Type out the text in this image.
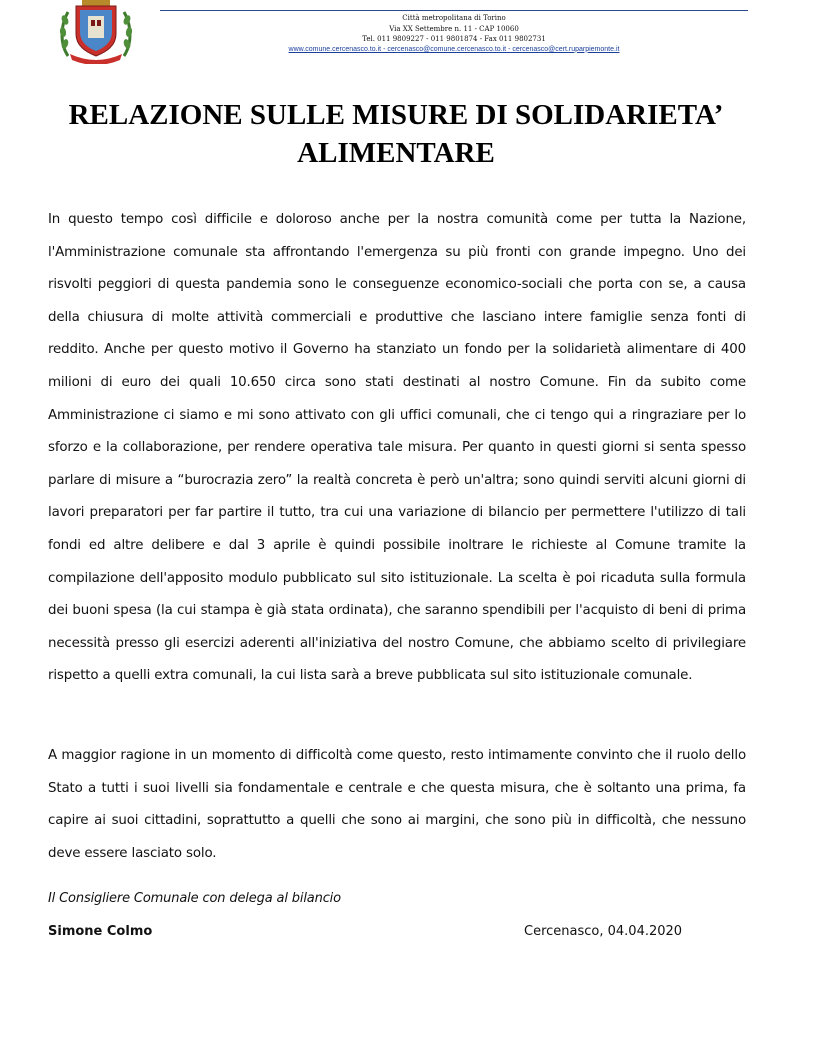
Città metropolitana di Torino
Via XX Settembre n. 11 - CAP 10060
Tel. 011 9809227 - 011 9801874 - Fax 011 9802731
www.comune.cercenasco.to.it - cercenasco@comune.cercenasco.to.it - cercenasco@cert.ruparpiemonte.it
RELAZIONE SULLE MISURE DI SOLIDARIETA’
ALIMENTARE
In questo tempo così difficile e doloroso anche per la nostra comunità come per tutta la Nazione, l'Amministrazione comunale sta affrontando l'emergenza su più fronti con grande impegno. Uno dei risvolti peggiori di questa pandemia sono le conseguenze economico-sociali che porta con se, a causa della chiusura di molte attività commerciali e produttive che lasciano intere famiglie senza fonti di reddito. Anche per questo motivo il Governo ha stanziato un fondo per la solidarietà alimentare di 400 milioni di euro dei quali 10.650 circa sono stati destinati al nostro Comune. Fin da subito come Amministrazione ci siamo e mi sono attivato con gli uffici comunali, che ci tengo qui a ringraziare per lo sforzo e la collaborazione, per rendere operativa tale misura. Per quanto in questi giorni si senta spesso parlare di misure a “burocrazia zero” la realtà concreta è però un'altra; sono quindi serviti alcuni giorni di lavori preparatori per far partire il tutto, tra cui una variazione di bilancio per permettere l'utilizzo di tali fondi ed altre delibere e dal 3 aprile è quindi possibile inoltrare le richieste al Comune tramite la compilazione dell'apposito modulo pubblicato sul sito istituzionale. La scelta è poi ricaduta sulla formula dei buoni spesa (la cui stampa è già stata ordinata), che saranno spendibili per l'acquisto di beni di prima necessità presso gli esercizi aderenti all'iniziativa del nostro Comune, che abbiamo scelto di privilegiare rispetto a quelli extra comunali, la cui lista sarà a breve pubblicata sul sito istituzionale comunale.
A maggior ragione in un momento di difficoltà come questo, resto intimamente convinto che il ruolo dello Stato a tutti i suoi livelli sia fondamentale e centrale e che questa misura, che è soltanto una prima, fa capire ai suoi cittadini, soprattutto a quelli che sono ai margini, che sono più in difficoltà, che nessuno deve essere lasciato solo.
Il Consigliere Comunale con delega al bilancio
Simone Colmo	Cercenasco, 04.04.2020
